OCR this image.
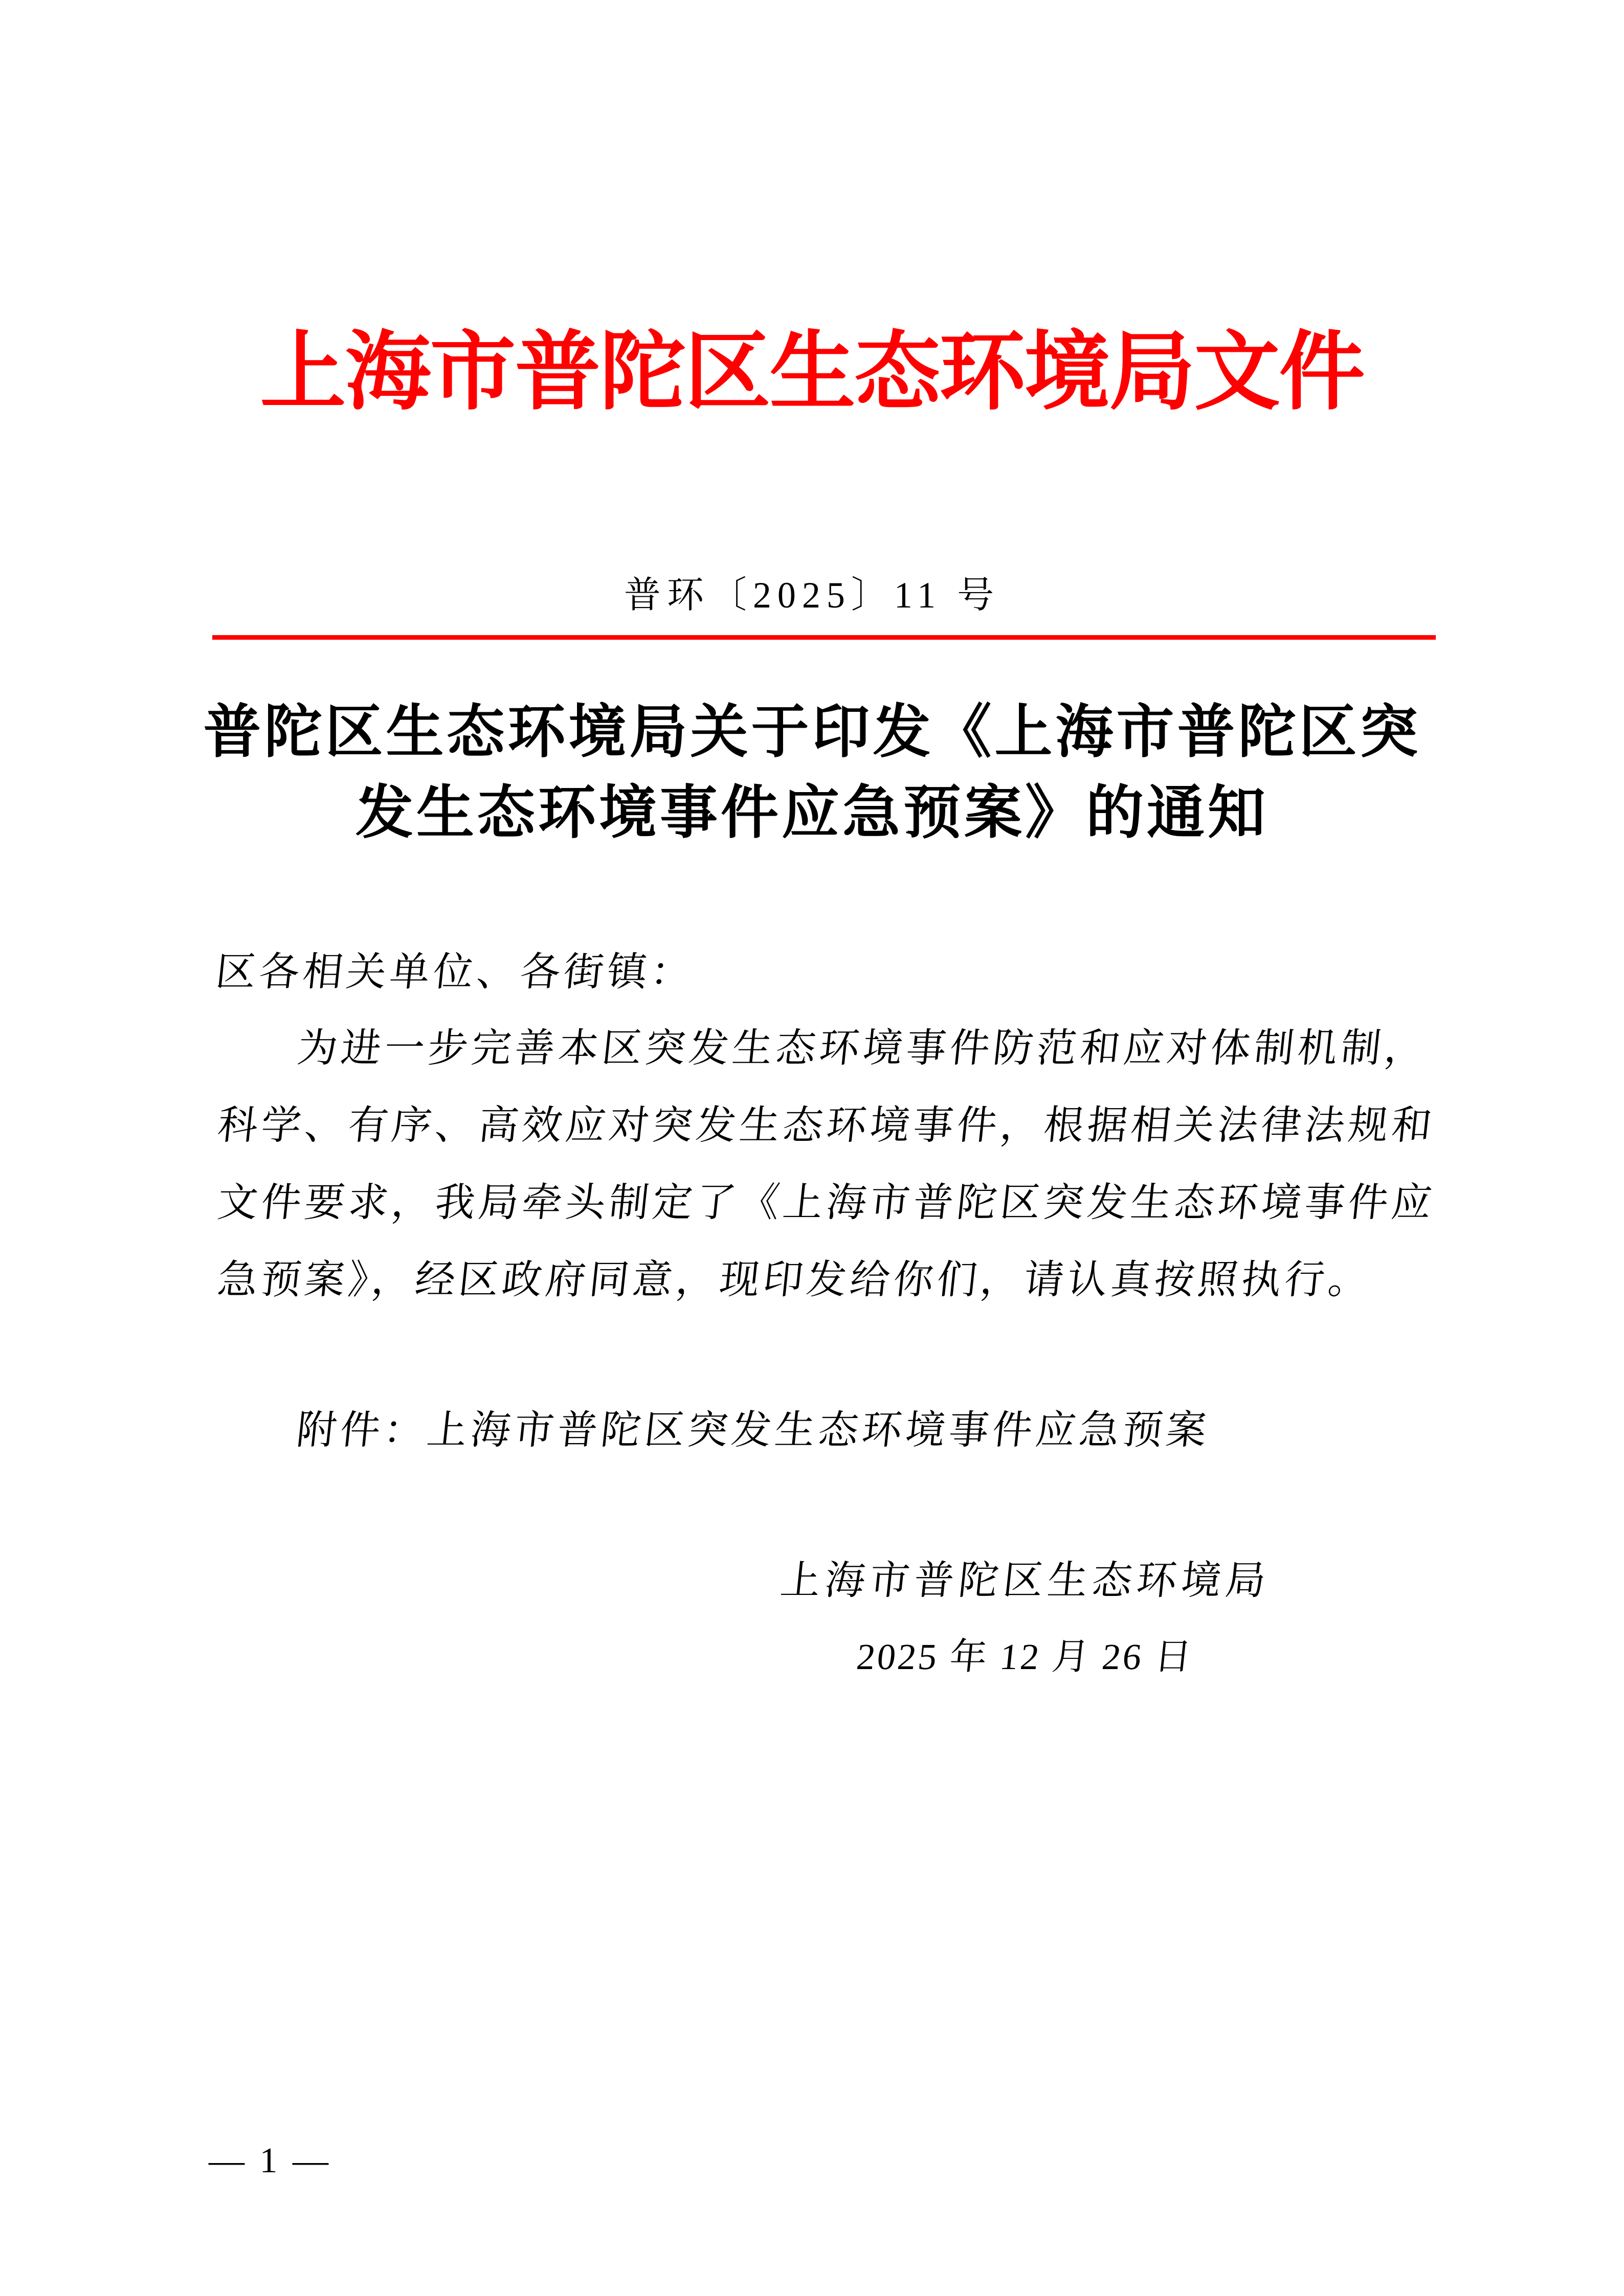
上海市普陀区生态环境局文件
普环〔2025〕11 号
普陀区生态环境局关于印发《上海市普陀区突
发生态环境事件应急预案》的通知
区各相关单位、各街镇：
为进一步完善本区突发生态环境事件防范和应对体制机制，
科学、有序、高效应对突发生态环境事件，根据相关法律法规和
文件要求，我局牵头制定了《上海市普陀区突发生态环境事件应
急预案》，经区政府同意，现印发给你们，请认真按照执行。
附件：上海市普陀区突发生态环境事件应急预案
上海市普陀区生态环境局
2025 年 12 月 26 日
— 1 —
